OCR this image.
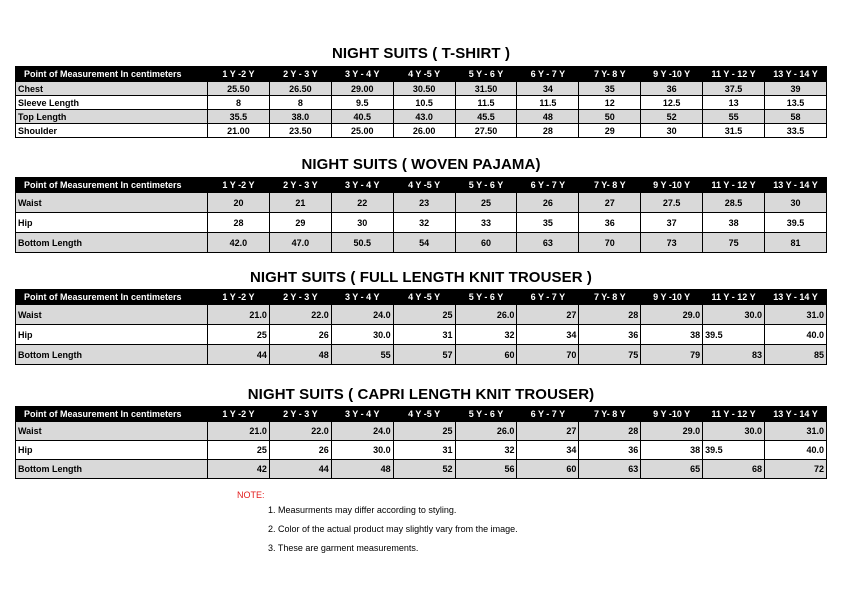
NIGHT SUITS ( T-SHIRT )
Point of Measurement In centimeters	1 Y -2 Y	2 Y - 3 Y	3 Y - 4 Y	4 Y -5 Y	5 Y - 6 Y	6 Y - 7 Y	7 Y- 8 Y	9 Y -10 Y	11 Y - 12 Y	13 Y - 14 Y
Chest	25.50	26.50	29.00	30.50	31.50	34	35	36	37.5	39
Sleeve Length	8	8	9.5	10.5	11.5	11.5	12	12.5	13	13.5
Top Length	35.5	38.0	40.5	43.0	45.5	48	50	52	55	58
Shoulder	21.00	23.50	25.00	26.00	27.50	28	29	30	31.5	33.5
NIGHT SUITS ( WOVEN PAJAMA)
Point of Measurement In centimeters	1 Y -2 Y	2 Y - 3 Y	3 Y - 4 Y	4 Y -5 Y	5 Y - 6 Y	6 Y - 7 Y	7 Y- 8 Y	9 Y -10 Y	11 Y - 12 Y	13 Y - 14 Y
Waist	20	21	22	23	25	26	27	27.5	28.5	30
Hip	28	29	30	32	33	35	36	37	38	39.5
Bottom Length	42.0	47.0	50.5	54	60	63	70	73	75	81
NIGHT SUITS ( FULL LENGTH KNIT TROUSER )
Point of Measurement In centimeters	1 Y -2 Y	2 Y - 3 Y	3 Y - 4 Y	4 Y -5 Y	5 Y - 6 Y	6 Y - 7 Y	7 Y- 8 Y	9 Y -10 Y	11 Y - 12 Y	13 Y - 14 Y
Waist	21.0	22.0	24.0	25	26.0	27	28	29.0	30.0	31.0
Hip	25	26	30.0	31	32	34	36	38	39.5	40.0
Bottom Length	44	48	55	57	60	70	75	79	83	85
NIGHT SUITS ( CAPRI LENGTH KNIT TROUSER)
Point of Measurement In centimeters	1 Y -2 Y	2 Y - 3 Y	3 Y - 4 Y	4 Y -5 Y	5 Y - 6 Y	6 Y - 7 Y	7 Y- 8 Y	9 Y -10 Y	11 Y - 12 Y	13 Y - 14 Y
Waist	21.0	22.0	24.0	25	26.0	27	28	29.0	30.0	31.0
Hip	25	26	30.0	31	32	34	36	38	39.5	40.0
Bottom Length	42	44	48	52	56	60	63	65	68	72
NOTE:
1. Measurments may differ according to styling.
2. Color of the actual product may slightly vary from the image.
3. These are garment measurements.
